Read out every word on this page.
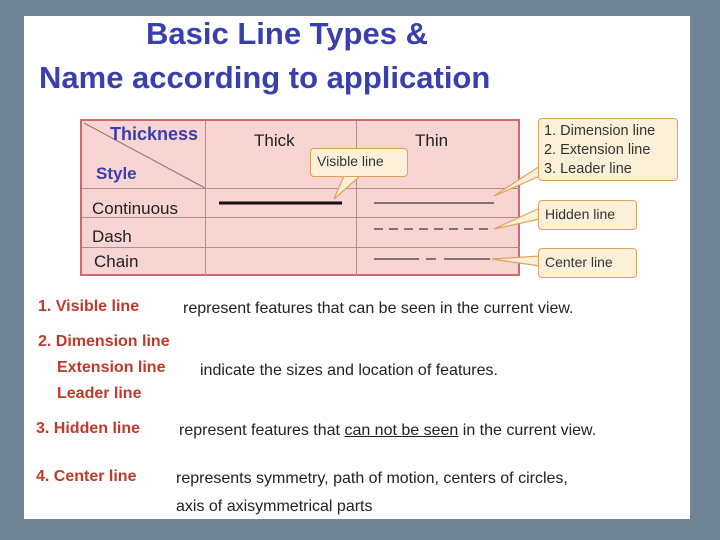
Basic Line Types &
Name according to application
Thickness
Style
Thick	Thin
Continuous
Dash
Chain
Visible line
1. Dimension line
2. Extension line
3. Leader line
Hidden line
Center line
1. Visible line	represent features that can be seen in the current view.
2. Dimension line
Extension line
Leader line
indicate the sizes and location of features.
3. Hidden line represent features that can not be seen in the current view.
4. Center line represents symmetry, path of motion, centers of circles,
axis of axisymmetrical parts
